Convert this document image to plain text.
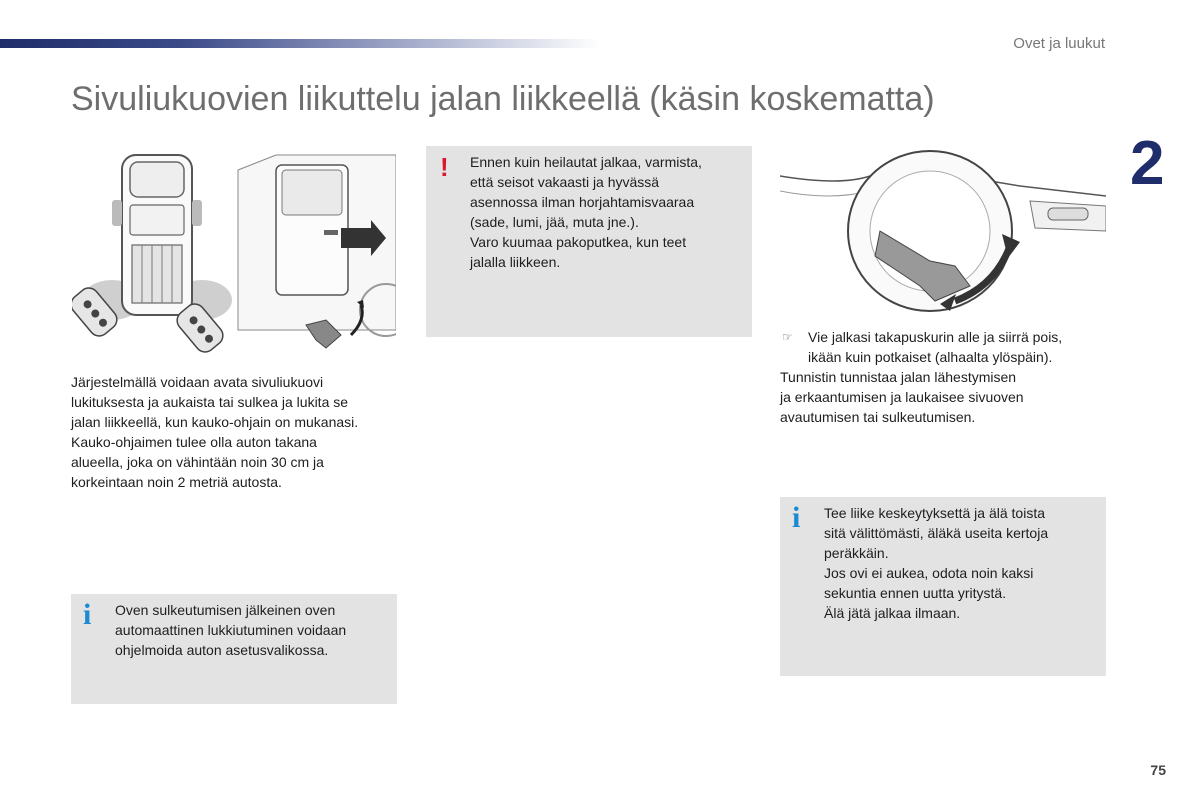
Ovet ja luukut
2
Sivuliukuovien liikuttelu jalan liikkeellä (käsin koskematta)
Järjestelmällä voidaan avata sivuliukuovi
lukituksesta ja aukaista tai sulkea ja lukita se
jalan liikkeellä, kun kauko-ohjain on mukanasi.
Kauko-ohjaimen tulee olla auton takana
alueella, joka on vähintään noin 30 cm ja
korkeintaan noin 2 metriä autosta.
! Ennen kuin heilautat jalkaa, varmista,
että seisot vakaasti ja hyvässä
asennossa ilman horjahtamisvaaraa
(sade, lumi, jää, muta jne.).
Varo kuumaa pakoputkea, kun teet
jalalla liikkeen.
☞ Vie jalkasi takapuskurin alle ja siirrä pois,
ikään kuin potkaiset (alhaalta ylöspäin).
Tunnistin tunnistaa jalan lähestymisen
ja erkaantumisen ja laukaisee sivuoven
avautumisen tai sulkeutumisen.
i Oven sulkeutumisen jälkeinen oven
automaattinen lukkiutuminen voidaan
ohjelmoida auton asetusvalikossa.
i Tee liike keskeytyksettä ja älä toista
sitä välittömästi, äläkä useita kertoja
peräkkäin.
Jos ovi ei aukea, odota noin kaksi
sekuntia ennen uutta yritystä.
Älä jätä jalkaa ilmaan.
75
